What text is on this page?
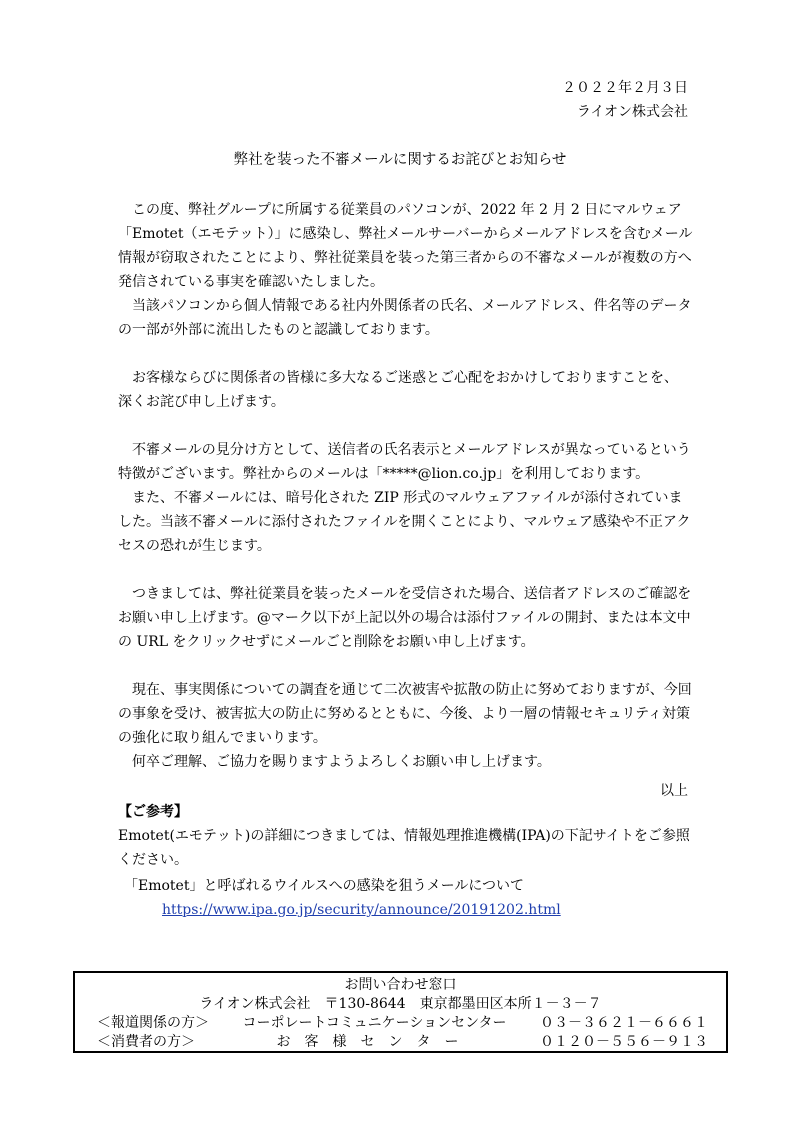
２０２２年２月３日
ライオン株式会社
弊社を装った不審メールに関するお詫びとお知らせ

この度、弊社グループに所属する従業員のパソコンが、2022 年 2 月 2 日にマルウェア

「Emotet（エモテット）」に感染し、弊社メールサーバーからメールアドレスを含むメール

情報が窃取されたことにより、弊社従業員を装った第三者からの不審なメールが複数の方へ

発信されている事実を確認いたしました。

当該パソコンから個人情報である社内外関係者の氏名、メールアドレス、件名等のデータ

の一部が外部に流出したものと認識しております。

お客様ならびに関係者の皆様に多大なるご迷惑とご心配をおかけしておりますことを、

深くお詫び申し上げます。

不審メールの見分け方として、送信者の氏名表示とメールアドレスが異なっているという

特徴がございます。弊社からのメールは「*****@lion.co.jp」を利用しております。

また、不審メールには、暗号化された ZIP 形式のマルウェアファイルが添付されていま

した。当該不審メールに添付されたファイルを開くことにより、マルウェア感染や不正アク

セスの恐れが生じます。

つきましては、弊社従業員を装ったメールを受信された場合、送信者アドレスのご確認を

お願い申し上げます。@マーク以下が上記以外の場合は添付ファイルの開封、または本文中

の URL をクリックせずにメールごと削除をお願い申し上げます。

現在、事実関係についての調査を通じて二次被害や拡散の防止に努めておりますが、今回

の事象を受け、被害拡大の防止に努めるとともに、今後、より一層の情報セキュリティ対策

の強化に取り組んでまいります。

何卒ご理解、ご協力を賜りますようよろしくお願い申し上げます。

以上
【ご参考】
Emotet(エモテット)の詳細につきましては、情報処理推進機構(IPA)の下記サイトをご参照
ください。
「Emotet」と呼ばれるウイルスへの感染を狙うメールについて
https://www.ipa.go.jp/security/announce/20191202.html
お問い合わせ窓口
ライオン株式会社　〒130-8644　東京都墨田区本所１－３－７
＜報道関係の方＞ コーポレートコミュニケーションセンター ０３－３６２１－６６６１
＜消費者の方＞	お　客　様　セ　ン　タ　ー	０１２０－５５６－９１３
